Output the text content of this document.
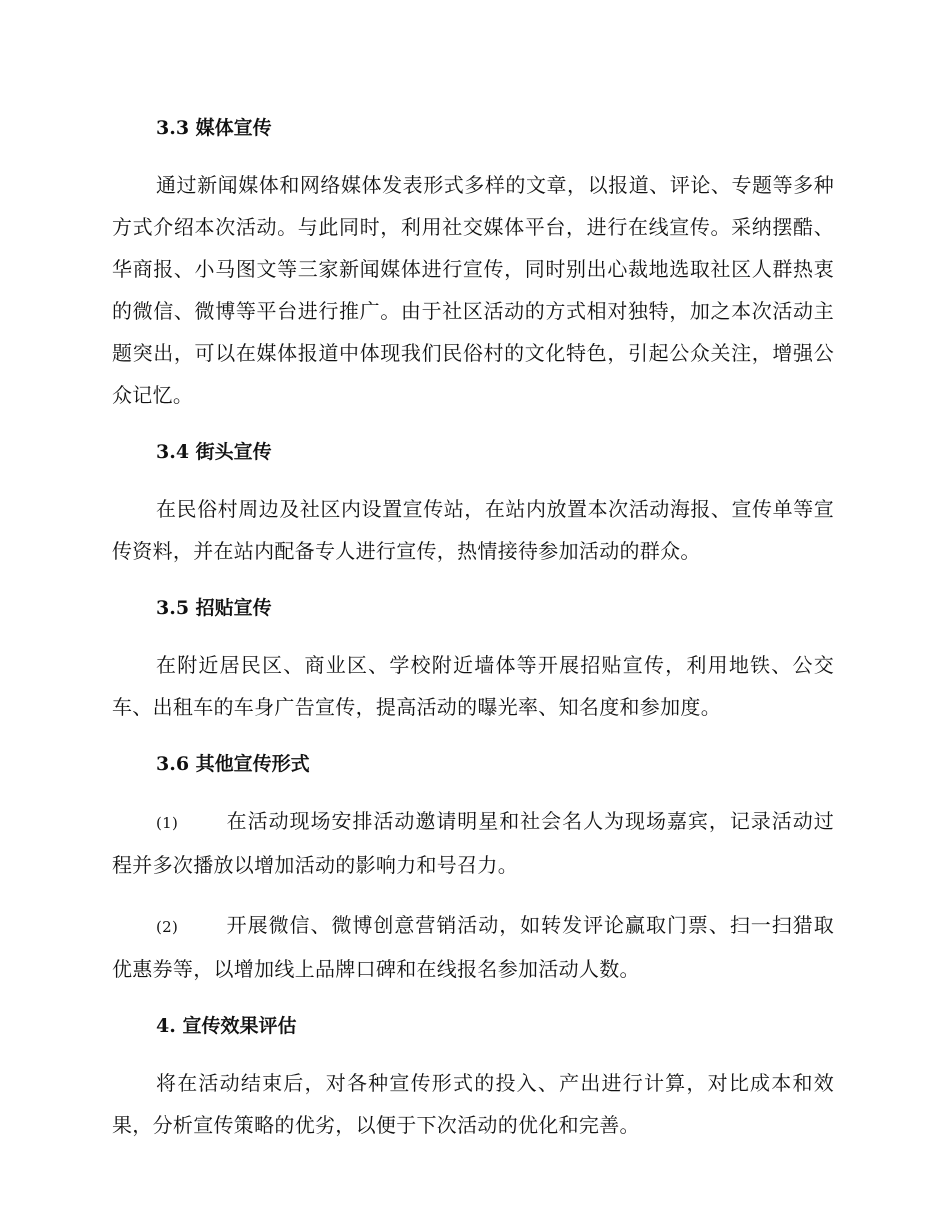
3.3 媒体宣传

通过新闻媒体和网络媒体发表形式多样的文章，以报道、评论、专题等多种方式介绍本次活动。与此同时，利用社交媒体平台，进行在线宣传。采纳摆酷、华商报、小马图文等三家新闻媒体进行宣传，同时别出心裁地选取社区人群热衷的微信、微博等平台进行推广。由于社区活动的方式相对独特，加之本次活动主题突出，可以在媒体报道中体现我们民俗村的文化特色，引起公众关注，增强公众记忆。

3.4 街头宣传

在民俗村周边及社区内设置宣传站，在站内放置本次活动海报、宣传单等宣传资料，并在站内配备专人进行宣传，热情接待参加活动的群众。

3.5 招贴宣传

在附近居民区、商业区、学校附近墙体等开展招贴宣传，利用地铁、公交车、出租车的车身广告宣传，提高活动的曝光率、知名度和参加度。

3.6 其他宣传形式

(1) 在活动现场安排活动邀请明星和社会名人为现场嘉宾，记录活动过程并多次播放以增加活动的影响力和号召力。

(2) 开展微信、微博创意营销活动，如转发评论赢取门票、扫一扫猎取优惠券等，以增加线上品牌口碑和在线报名参加活动人数。

4. 宣传效果评估

将在活动结束后，对各种宣传形式的投入、产出进行计算，对比成本和效果，分析宣传策略的优劣，以便于下次活动的优化和完善。
